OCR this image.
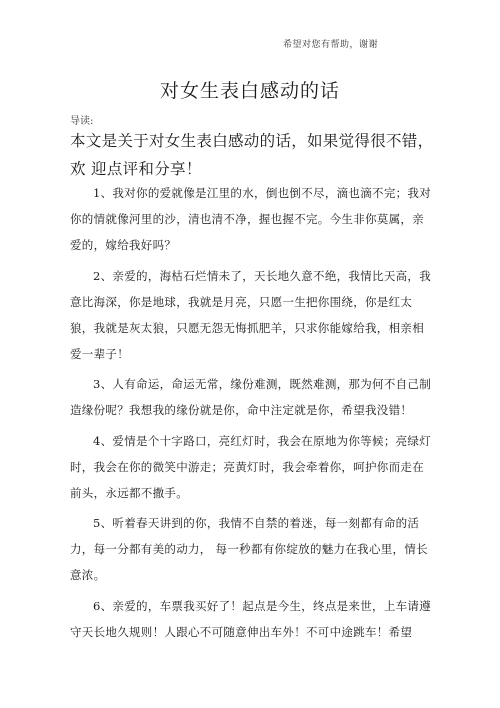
希望对您有帮助，谢谢
对女生表白感动的话
导读:
本文是关于对女生表白感动的话，如果觉得很不错，欢 迎点评和分享！

1、我对你的爱就像是江里的水，倒也倒不尽，滴也滴不完；我对你的情就像河里的沙，清也清不净，握也握不完。今生非你莫属，亲爱的，嫁给我好吗？

2、亲爱的，海枯石烂情未了，天长地久意不绝，我情比天高，我意比海深，你是地球，我就是月亮，只愿一生把你围绕，你是红太狼，我就是灰太狼，只愿无怨无悔抓肥羊，只求你能嫁给我，相亲相爱一辈子！

3、人有命运，命运无常，缘份难测，既然难测，那为何不自己制造缘份呢？我想我的缘份就是你，命中注定就是你，希望我没错！

4、爱情是个十字路口，亮红灯时，我会在原地为你等候；亮绿灯时，我会在你的微笑中游走；亮黄灯时，我会牵着你，呵护你而走在前头，永远都不撒手。

5、听着春天讲到的你，我情不自禁的着迷，每一刻都有命的活力，每一分都有美的动力， 每一秒都有你绽放的魅力在我心里，情长意浓。

6、亲爱的，车票我买好了！起点是今生，终点是来世，上车请遵守天长地久规则！人跟心不可随意伸出车外！不可中途跳车！希望
